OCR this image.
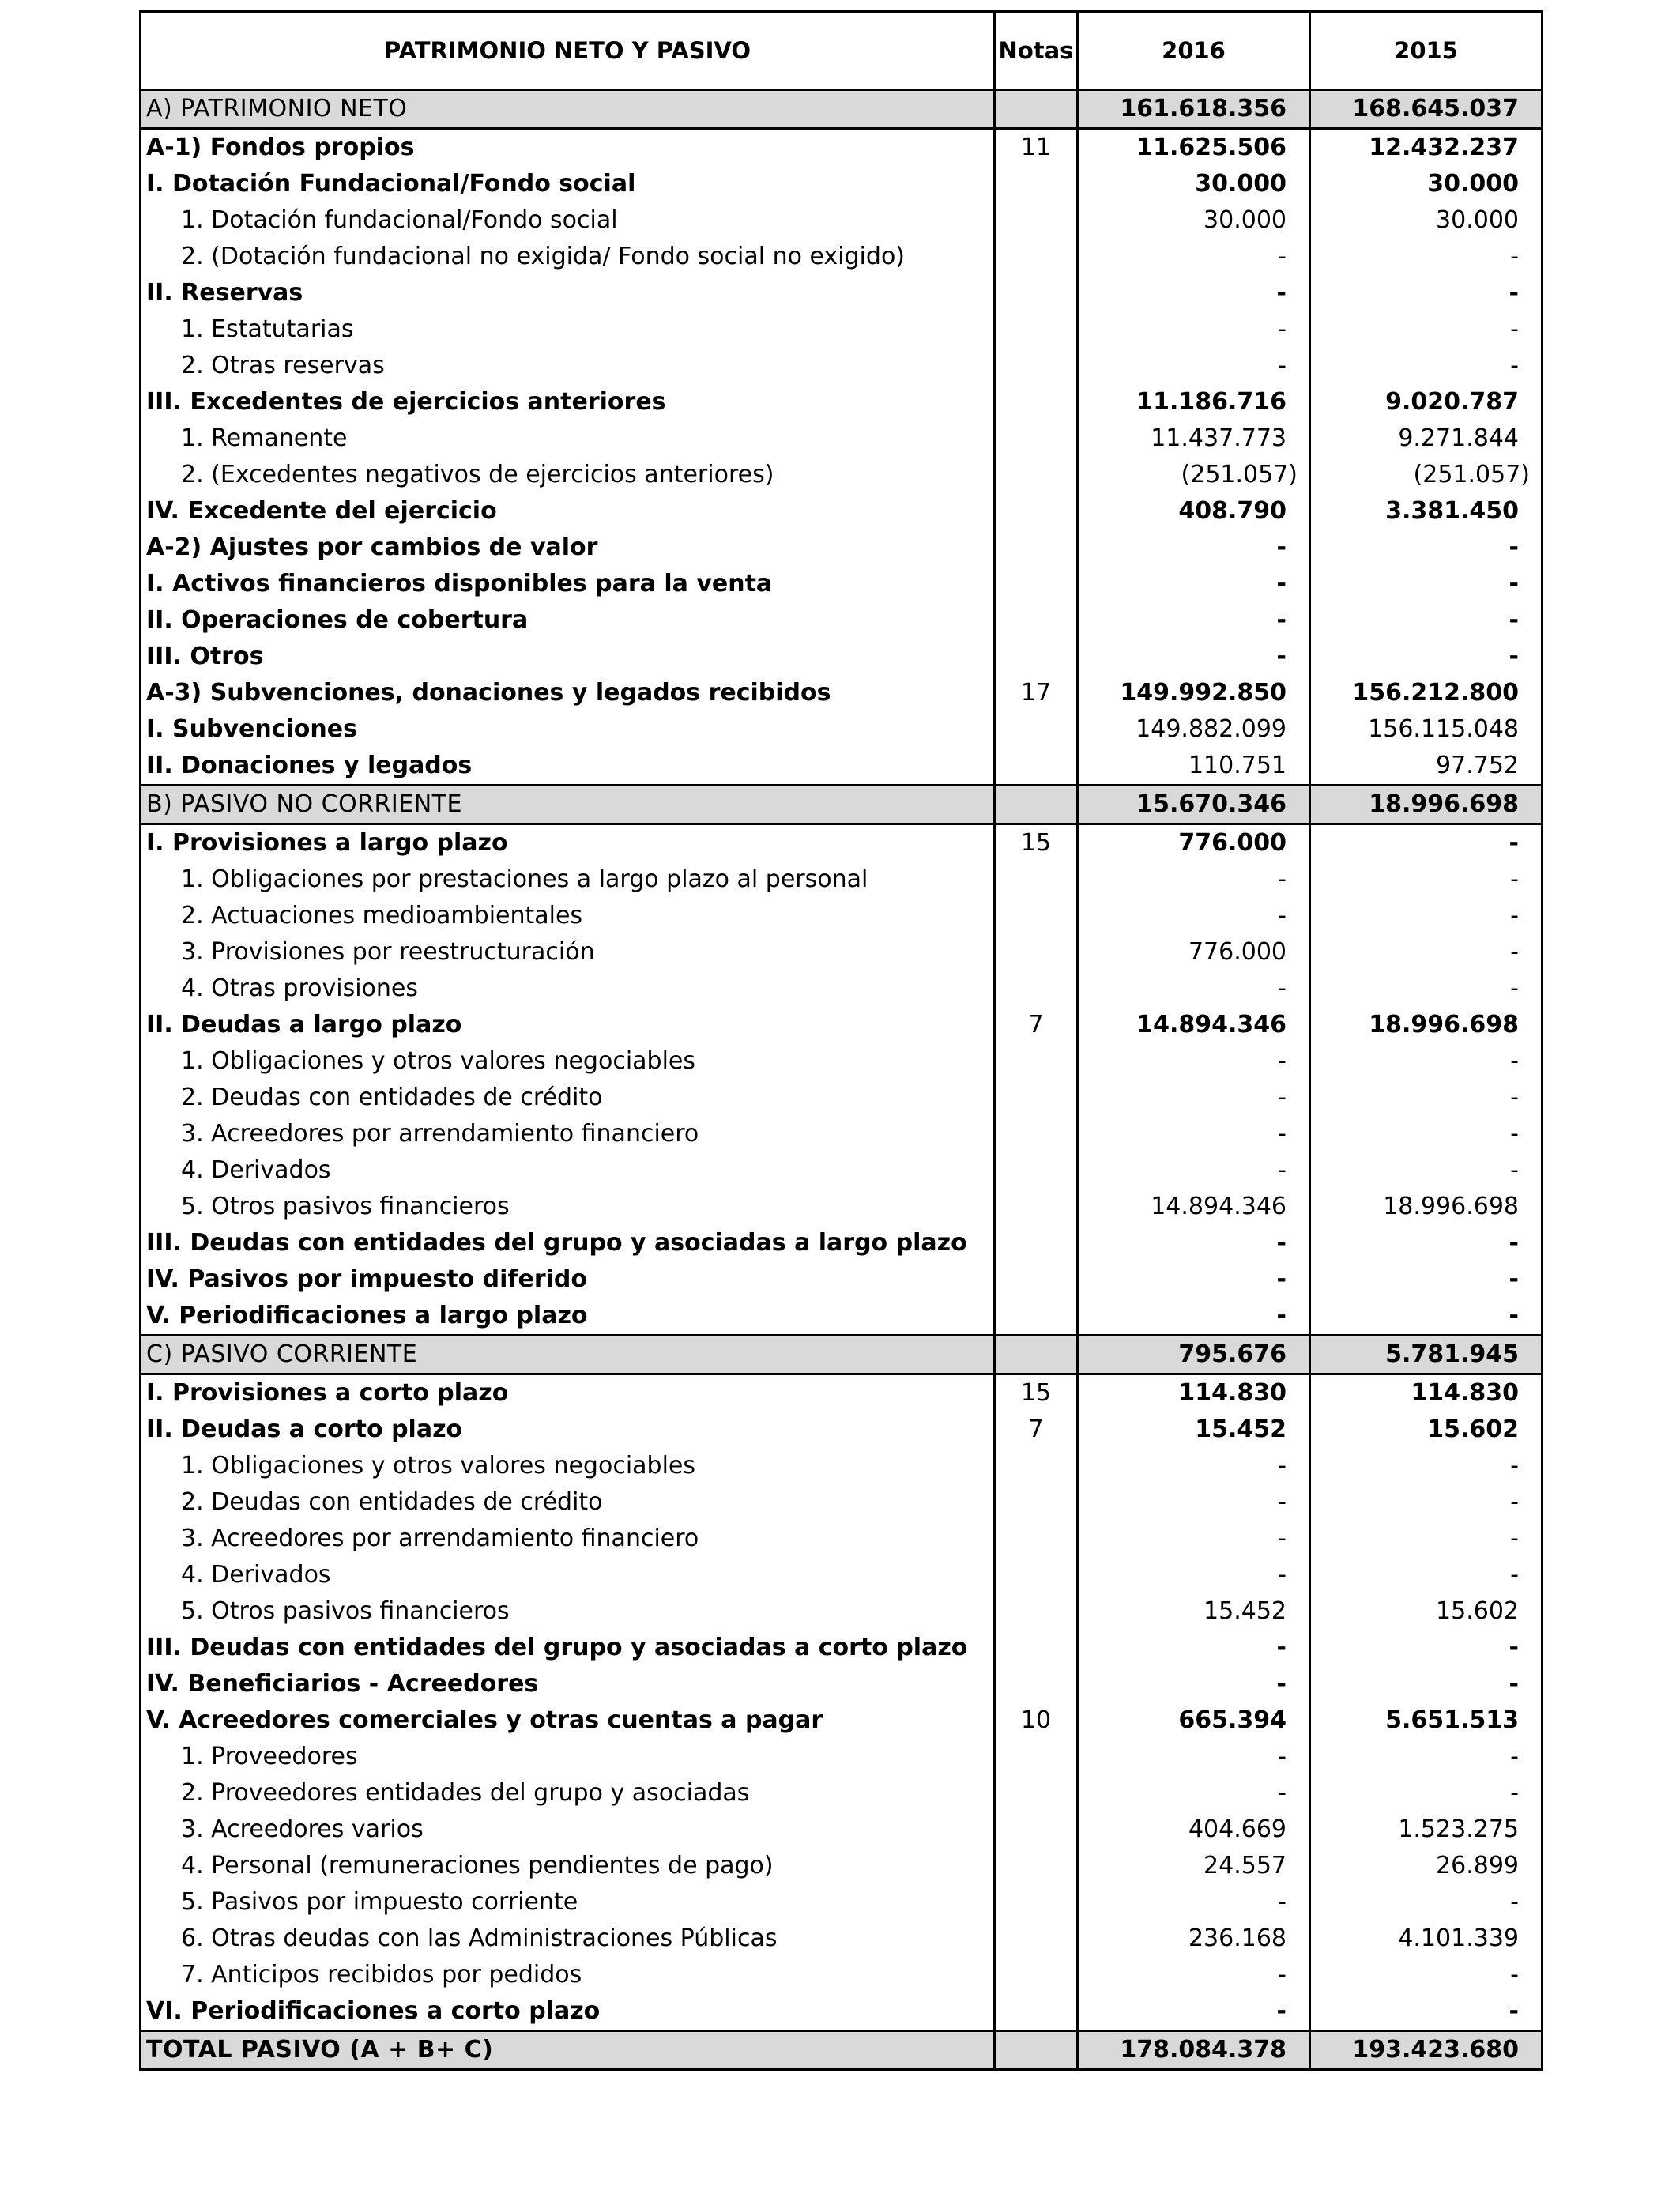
PATRIMONIO NETO Y PASIVO	Notas	2016	2015
A) PATRIMONIO NETO		161.618.356	168.645.037
A-1) Fondos propios	11	11.625.506	12.432.237
I. Dotación Fundacional/Fondo social		30.000	30.000
1. Dotación fundacional/Fondo social		30.000	30.000
2. (Dotación fundacional no exigida/ Fondo social no exigido)		-	-
II. Reservas		-	-
1. Estatutarias		-	-
2. Otras reservas		-	-
III. Excedentes de ejercicios anteriores		11.186.716	9.020.787
1. Remanente		11.437.773	9.271.844
2. (Excedentes negativos de ejercicios anteriores)		(251.057)	(251.057)
IV. Excedente del ejercicio		408.790	3.381.450
A-2) Ajustes por cambios de valor		-	-
I. Activos financieros disponibles para la venta		-	-
II. Operaciones de cobertura		-	-
III. Otros		-	-
A-3) Subvenciones, donaciones y legados recibidos	17	149.992.850	156.212.800
I. Subvenciones		149.882.099	156.115.048
II. Donaciones y legados		110.751	97.752
B) PASIVO NO CORRIENTE		15.670.346	18.996.698
I. Provisiones a largo plazo	15	776.000	-
1. Obligaciones por prestaciones a largo plazo al personal		-	-
2. Actuaciones medioambientales		-	-
3. Provisiones por reestructuración		776.000	-
4. Otras provisiones		-	-
II. Deudas a largo plazo	7	14.894.346	18.996.698
1. Obligaciones y otros valores negociables		-	-
2. Deudas con entidades de crédito		-	-
3. Acreedores por arrendamiento financiero		-	-
4. Derivados		-	-
5. Otros pasivos financieros		14.894.346	18.996.698
III. Deudas con entidades del grupo y asociadas a largo plazo		-	-
IV. Pasivos por impuesto diferido		-	-
V. Periodificaciones a largo plazo		-	-
C) PASIVO CORRIENTE		795.676	5.781.945
I. Provisiones a corto plazo	15	114.830	114.830
II. Deudas a corto plazo	7	15.452	15.602
1. Obligaciones y otros valores negociables		-	-
2. Deudas con entidades de crédito		-	-
3. Acreedores por arrendamiento financiero		-	-
4. Derivados		-	-
5. Otros pasivos financieros		15.452	15.602
III. Deudas con entidades del grupo y asociadas a corto plazo		-	-
IV. Beneficiarios - Acreedores		-	-
V. Acreedores comerciales y otras cuentas a pagar	10	665.394	5.651.513
1. Proveedores		-	-
2. Proveedores entidades del grupo y asociadas		-	-
3. Acreedores varios		404.669	1.523.275
4. Personal (remuneraciones pendientes de pago)		24.557	26.899
5. Pasivos por impuesto corriente		-	-
6. Otras deudas con las Administraciones Públicas		236.168	4.101.339
7. Anticipos recibidos por pedidos		-	-
VI. Periodificaciones a corto plazo		-	-
TOTAL PASIVO (A + B+ C)		178.084.378	193.423.680
